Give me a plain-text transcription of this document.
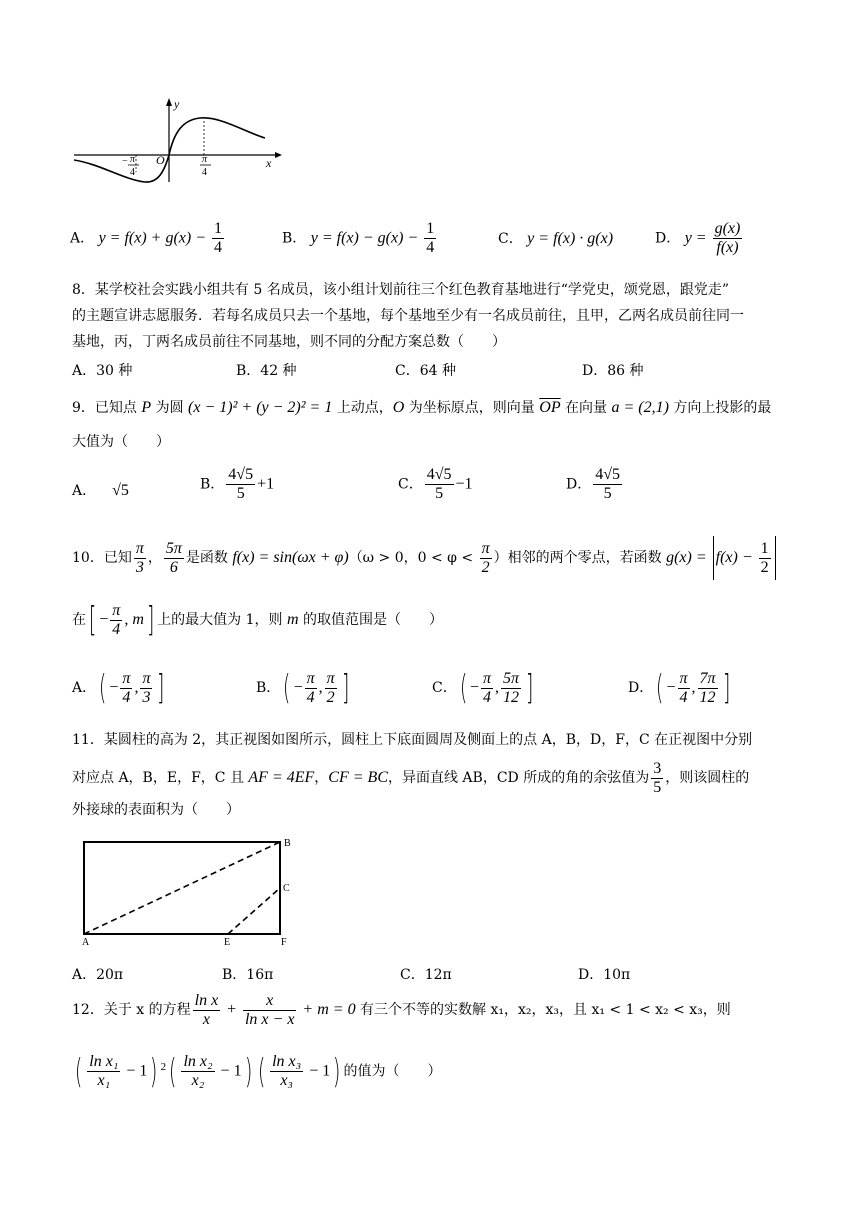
y
x
O
− π
4
π
4
A． $y = f(x) + g(x) - \frac{1}{4}$	B． $y = f(x) - g(x) - \frac{1}{4}$	C． y = f(x) · g(x)	D． $y = \frac{g(x)}{f(x)}$
8．某学校社会实践小组共有 5 名成员，该小组计划前往三个红色教育基地进行“学党史，颂党恩，跟党走”
的主题宣讲志愿服务．若每名成员只去一个基地，每个基地至少有一名成员前往，且甲，乙两名成员前往同一
基地，丙，丁两名成员前往不同基地，则不同的分配方案总数（　　）
A．30 种	B．42 种	C．64 种	D．86 种
9．已知点 P 为圆 (x − 1)² + (y − 2)² = 1 上动点，O 为坐标原点，则向量 $\overline{OP}$ 在向量 a = (2,1) 方向上投影的最
大值为（　　）
A． √5	B． $\frac{4√5}{5} +1$	C． $\frac{4√5}{5} -1$	D． $\frac{4√5}{5}$
10．已知 $\frac{\pi}{3}$ ， $\frac{5\pi}{6}$ 是函数 f(x) = sin(ωx + φ)（ω > 0，$0 < \varphi < \frac{\pi}{2}$ ）相邻的两个零点，若函数 $g(x) = f(x) - \frac{1}{2}$
在[ − $\frac{\pi}{4}$ , m] 上的最大值为 1，则 m 的取值范围是（　　）
A．( − $\frac{\pi}{4}$ , $\frac{\pi}{3}$ ]	B．( − $\frac{\pi}{4}$ , $\frac{\pi}{2}$ ]	C．( − $\frac{\pi}{4}$ , $\frac{5\pi}{12}$ ]	D．( − $\frac{\pi}{4}$ , $\frac{7\pi}{12}$ ]
11．某圆柱的高为 2，其正视图如图所示，圆柱上下底面圆周及侧面上的点 A，B，D，F，C 在正视图中分别
对应点 A，B，E，F，C 且 AF = 4EF，CF = BC，异面直线 AB，CD 所成的角的余弦值为 $\frac{3}{5}$ ，则该圆柱的
外接球的表面积为（　　）
B
C
A	E	F
A．20π	B．16π	C．12π	D．10π
12．关于 x 的方程 $\frac{\text{ln x}}{x} + \frac{x}{\text{ln x − x}} + m = 0$ 有三个不等的实数解 x₁，x₂，x₃，且 x₁ < 1 < x₂ < x₃，则
( $\frac{\text{ln x₁}}{\text{x₁}} - 1$) $^2( \frac{\text{ln x₂}}{\text{x₂}} - 1)$ ( $\frac{\text{ln x₃}}{\text{x₃}} - 1$) 的值为（　　）
